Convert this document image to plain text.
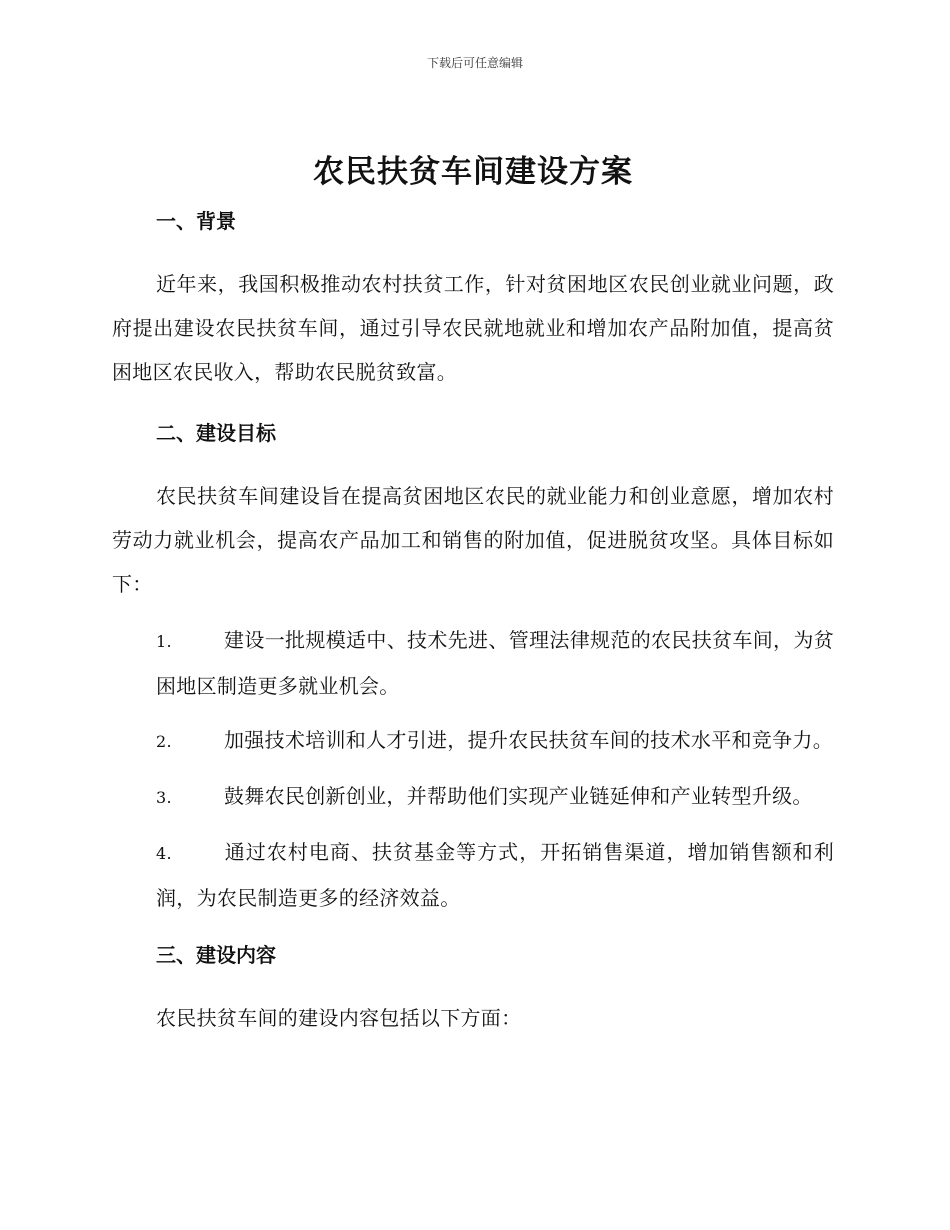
下载后可任意编辑
农民扶贫车间建设方案
一、背景

近年来，我国积极推动农村扶贫工作，针对贫困地区农民创业就业问题，政府提出建设农民扶贫车间，通过引导农民就地就业和增加农产品附加值，提高贫困地区农民收入，帮助农民脱贫致富。

二、建设目标

农民扶贫车间建设旨在提高贫困地区农民的就业能力和创业意愿，增加农村劳动力就业机会，提高农产品加工和销售的附加值，促进脱贫攻坚。具体目标如下：

1.	建设一批规模适中、技术先进、管理法律规范的农民扶贫车间，为贫困地区制造更多就业机会。
2.	加强技术培训和人才引进，提升农民扶贫车间的技术水平和竞争力。
3.	鼓舞农民创新创业，并帮助他们实现产业链延伸和产业转型升级。
4.	通过农村电商、扶贫基金等方式，开拓销售渠道，增加销售额和利润，为农民制造更多的经济效益。
三、建设内容

农民扶贫车间的建设内容包括以下方面：
